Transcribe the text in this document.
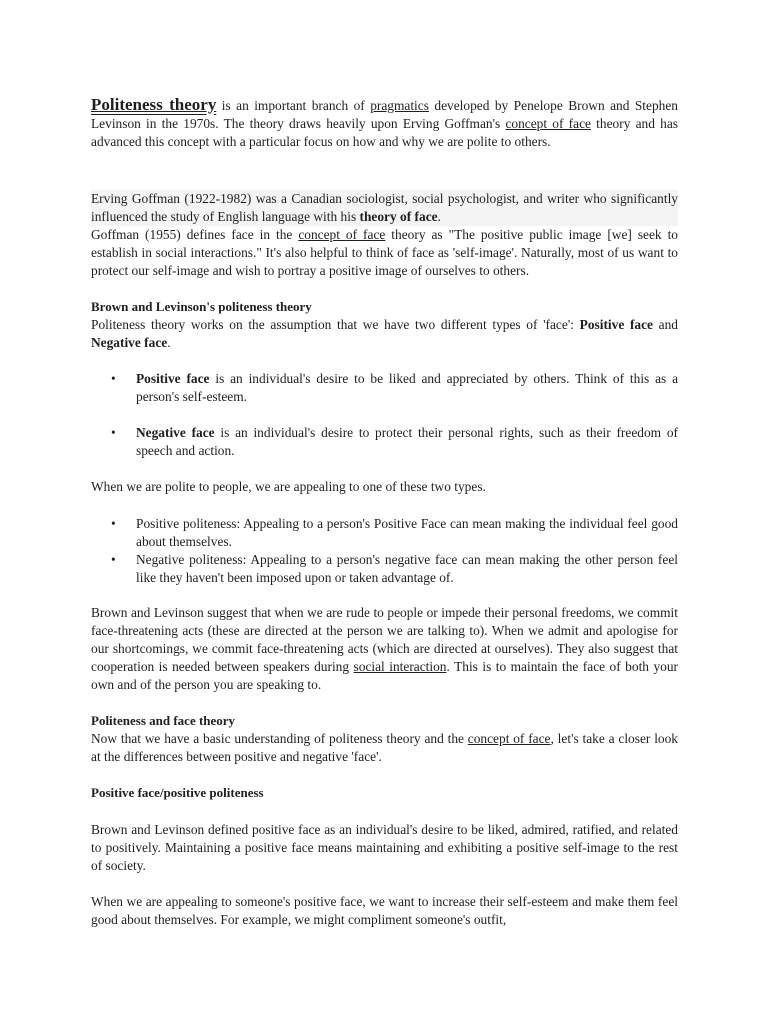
Politeness theory is an important branch of pragmatics developed by Penelope Brown and Stephen Levinson in the 1970s. The theory draws heavily upon Erving Goffman's concept of face theory and has advanced this concept with a particular focus on how and why we are polite to others.

Erving Goffman (1922-1982) was a Canadian sociologist, social psychologist, and writer who significantly influenced the study of English language with his theory of face.

Goffman (1955) defines face in the concept of face theory as "The positive public image [we] seek to establish in social interactions." It's also helpful to think of face as 'self-image'. Naturally, most of us want to protect our self-image and wish to portray a positive image of ourselves to others.

Brown and Levinson's politeness theory

Politeness theory works on the assumption that we have two different types of 'face': Positive face and Negative face.

• Positive face is an individual's desire to be liked and appreciated by others. Think of this as a person's self-esteem.
• Negative face is an individual's desire to protect their personal rights, such as their freedom of speech and action.

When we are polite to people, we are appealing to one of these two types.

• Positive politeness: Appealing to a person's Positive Face can mean making the individual feel good about themselves.
• Negative politeness: Appealing to a person's negative face can mean making the other person feel like they haven't been imposed upon or taken advantage of.

Brown and Levinson suggest that when we are rude to people or impede their personal freedoms, we commit face-threatening acts (these are directed at the person we are talking to). When we admit and apologise for our shortcomings, we commit face-threatening acts (which are directed at ourselves). They also suggest that cooperation is needed between speakers during social interaction. This is to maintain the face of both your own and of the person you are speaking to.

Politeness and face theory

Now that we have a basic understanding of politeness theory and the concept of face, let's take a closer look at the differences between positive and negative 'face'.

Positive face/positive politeness

Brown and Levinson defined positive face as an individual's desire to be liked, admired, ratified, and related to positively. Maintaining a positive face means maintaining and exhibiting a positive self-image to the rest of society.

When we are appealing to someone's positive face, we want to increase their self-esteem and make them feel good about themselves. For example, we might compliment someone's outfit,
